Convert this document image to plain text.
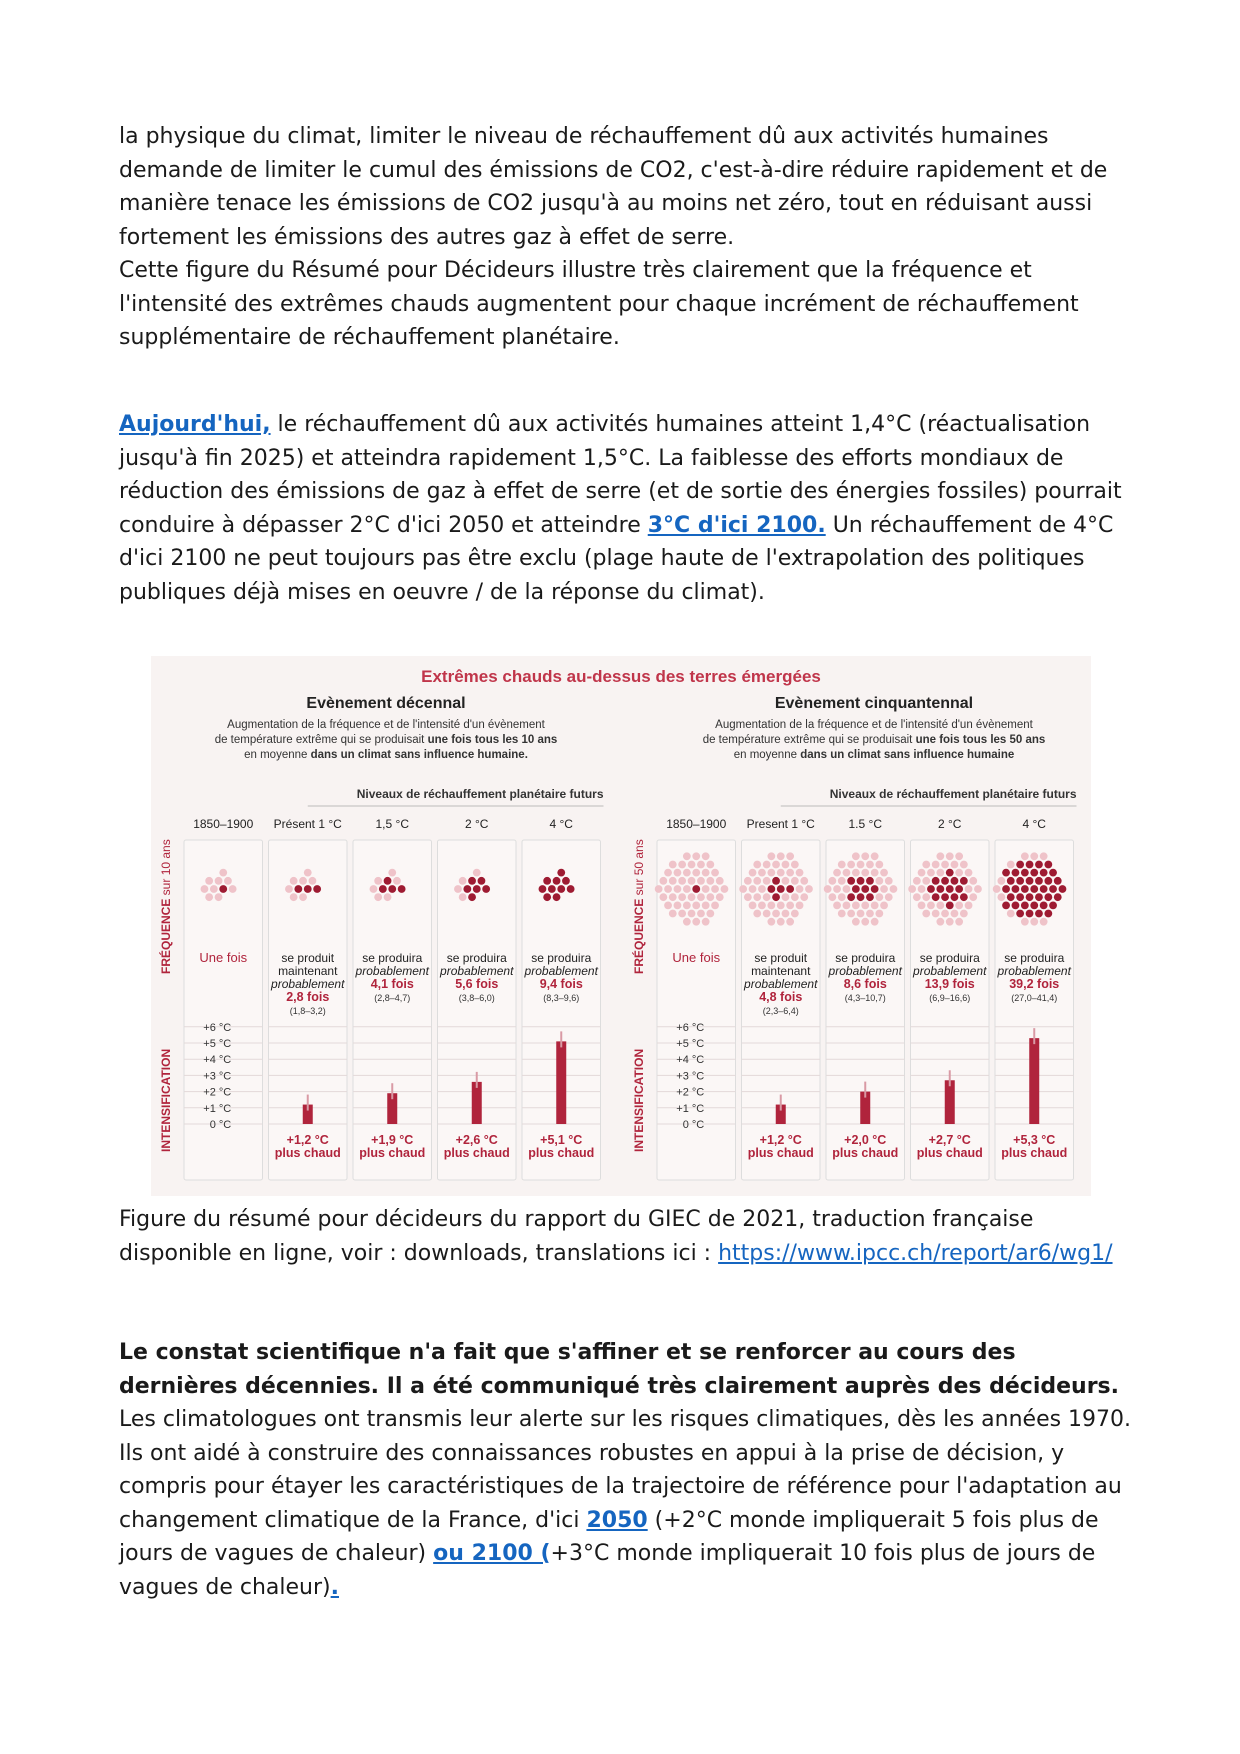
la physique du climat, limiter le niveau de réchauffement dû aux activités humaines demande de limiter le cumul des émissions de CO2, c'est-à-dire réduire rapidement et de manière tenace les émissions de CO2 jusqu'à au moins net zéro, tout en réduisant aussi fortement les émissions des autres gaz à effet de serre.
Cette figure du Résumé pour Décideurs illustre très clairement que la fréquence et l'intensité des extrêmes chauds augmentent pour chaque incrément de réchauffement supplémentaire de réchauffement planétaire.

Aujourd'hui, le réchauffement dû aux activités humaines atteint 1,4°C (réactualisation jusqu'à fin 2025) et atteindra rapidement 1,5°C. La faiblesse des efforts mondiaux de réduction des émissions de gaz à effet de serre (et de sortie des énergies fossiles) pourrait conduire à dépasser 2°C d'ici 2050 et atteindre 3°C d'ici 2100. Un réchauffement de 4°C d'ici 2100 ne peut toujours pas être exclu (plage haute de l'extrapolation des politiques publiques déjà mises en oeuvre / de la réponse du climat).

Extrêmes chauds au-dessus des terres émergées
Evènement décennal
Augmentation de la fréquence et de l'intensité d'un évènement
de température extrême qui se produisait une fois tous les 10 ans
en moyenne dans un climat sans influence humaine.
Niveaux de réchauffement planétaire futurs
FRÉQUENCE sur 10 ans
INTENSIFICATION
1850–1900
Une fois
+6 °C
+5 °C
+4 °C
+3 °C
+2 °C
+1 °C
0 °C
Présent 1 °C
se produit
maintenant
probablement
2,8 fois
(1,8–3,2)
+1,2 °C
plus chaud
1,5 °C
se produira
probablement
4,1 fois
(2,8–4,7)
+1,9 °C
plus chaud
2 °C
se produira
probablement
5,6 fois
(3,8–6,0)
+2,6 °C
plus chaud
4 °C
se produira
probablement
9,4 fois
(8,3–9,6)
+5,1 °C
plus chaud
Evènement cinquantennal
Augmentation de la fréquence et de l'intensité d'un évènement
de température extrême qui se produisait une fois tous les 50 ans
en moyenne dans un climat sans influence humaine
Niveaux de réchauffement planétaire futurs
FRÉQUENCE sur 50 ans
INTENSIFICATION
1850–1900
Une fois
+6 °C
+5 °C
+4 °C
+3 °C
+2 °C
+1 °C
0 °C
Present 1 °C
se produit
maintenant
probablement
4,8 fois
(2,3–6,4)
+1,2 °C
plus chaud
1.5 °C
se produira
probablement
8,6 fois
(4,3–10,7)
+2,0 °C
plus chaud
2 °C
se produira
probablement
13,9 fois
(6,9–16,6)
+2,7 °C
plus chaud
4 °C
se produira
probablement
39,2 fois
(27,0–41,4)
+5,3 °C
plus chaud

Figure du résumé pour décideurs du rapport du GIEC de 2021, traduction française disponible en ligne, voir : downloads, translations ici : https://www.ipcc.ch/report/ar6/wg1/

Le constat scientifique n'a fait que s'affiner et se renforcer au cours des dernières décennies. Il a été communiqué très clairement auprès des décideurs.
Les climatologues ont transmis leur alerte sur les risques climatiques, dès les années 1970. Ils ont aidé à construire des connaissances robustes en appui à la prise de décision, y compris pour étayer les caractéristiques de la trajectoire de référence pour l'adaptation au changement climatique de la France, d'ici 2050 (+2°C monde impliquerait 5 fois plus de jours de vagues de chaleur) ou 2100 (+3°C monde impliquerait 10 fois plus de jours de vagues de chaleur).
